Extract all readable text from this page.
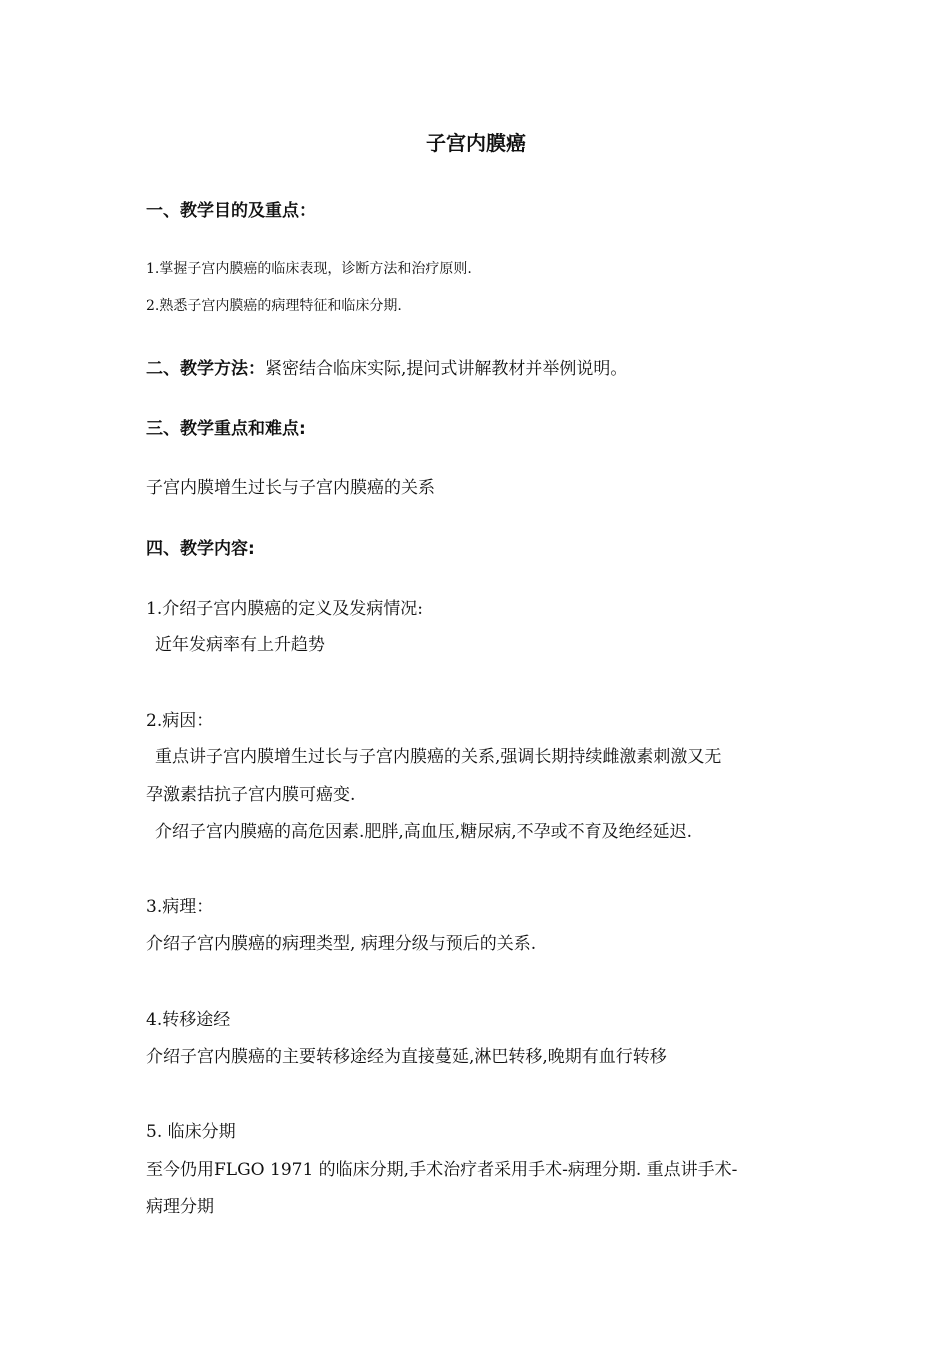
子宫内膜癌
一、教学目的及重点：
1.掌握子宫内膜癌的临床表现，诊断方法和治疗原则.
2.熟悉子宫内膜癌的病理特征和临床分期.
二、教学方法：紧密结合临床实际,提问式讲解教材并举例说明。
三、教学重点和难点:
子宫内膜增生过长与子宫内膜癌的关系
四、教学内容:
1.介绍子宫内膜癌的定义及发病情况:
近年发病率有上升趋势
2.病因：
重点讲子宫内膜增生过长与子宫内膜癌的关系,强调长期持续雌激素刺激又无
孕激素拮抗子宫内膜可癌变.
介绍子宫内膜癌的高危因素.肥胖,高血压,糖尿病,不孕或不育及绝经延迟.
3.病理：
介绍子宫内膜癌的病理类型, 病理分级与预后的关系.
4.转移途经
介绍子宫内膜癌的主要转移途经为直接蔓延,淋巴转移,晚期有血行转移
5. 临床分期
至今仍用FLGO 1971 的临床分期,手术治疗者采用手术-病理分期. 重点讲手术-
病理分期
